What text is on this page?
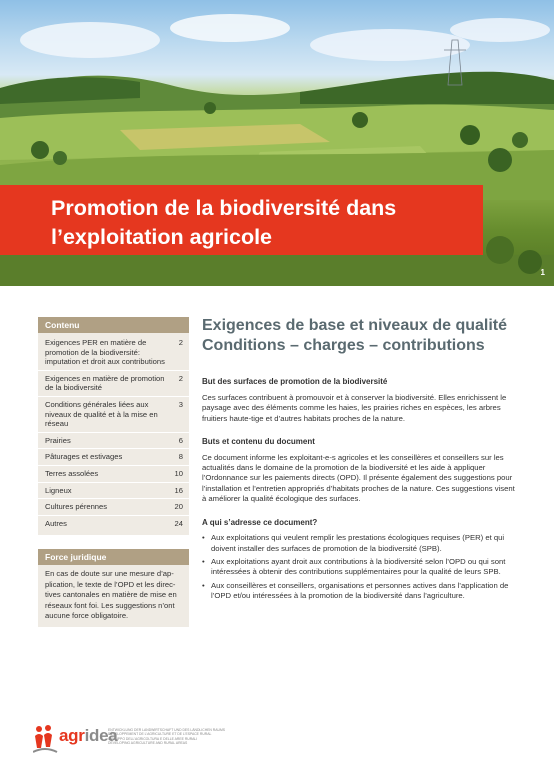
Promotion de la biodiversité dans
l’exploitation agricole
1
Contenu
Exigences PER en matière de promotion de la biodiversité: imputation et droit aux contributions
2
Exigences en matière de promotion de la biodiversité
2
Conditions générales liées aux niveaux de qualité et à la mise en réseau
3
Prairies	6
Pâturages et estivages	8
Terres assolées	10
Ligneux	16
Cultures pérennes	20
Autres	24
Force juridique

En cas de doute sur une mesure d’application, le texte de l’OPD et les directives cantonales en matière de mise en réseaux font foi. Les suggestions n’ont aucune force obligatoire.

Exigences de base et niveaux de qualité
Conditions – charges – contributions
But des surfaces de promotion de la biodiversité

Ces surfaces contribuent à promouvoir et à conserver la biodiversité. Elles enrichissent le paysage avec des éléments comme les haies, les prairies riches en espèces, les arbres fruitiers haute-tige et d’autres habitats proches de la nature.

Buts et contenu du document

Ce document informe les exploitant-e-s agricoles et les conseillères et conseillers sur les actualités dans le domaine de la promotion de la biodiversité et les aide à appliquer l’Ordonnance sur les paiements directs (OPD). Il présente également des suggestions pour l’installation et l’entretien appropriés d’habitats proches de la nature. Ces suggestions visent à améliorer la qualité écologique des surfaces.

A qui s’adresse ce document?
• Aux exploitations qui veulent remplir les prestations écologiques requises (PER) et qui doivent installer des surfaces de promotion de la biodiversité (SPB).
• Aux exploitations ayant droit aux contributions à la biodiversité selon l’OPD ou qui sont intéressées à obtenir des contributions supplémentaires pour la qualité de leurs SPB.
• Aux conseillères et conseillers, organisations et personnes actives dans l’application de l’OPD et/ou intéressées à la promotion de la biodiversité dans l’agriculture.
agridea
ENTWICKLUNG DER LANDWIRTSCHAFT UND DES LÄNDLICHEN RAUMS
DÉVELOPPEMENT DE L’AGRICULTURE ET DE L’ESPACE RURAL
SVILUPPO DELL’AGRICOLTURA E DELLE AREE RURALI
DEVELOPING AGRICULTURE AND RURAL AREAS
